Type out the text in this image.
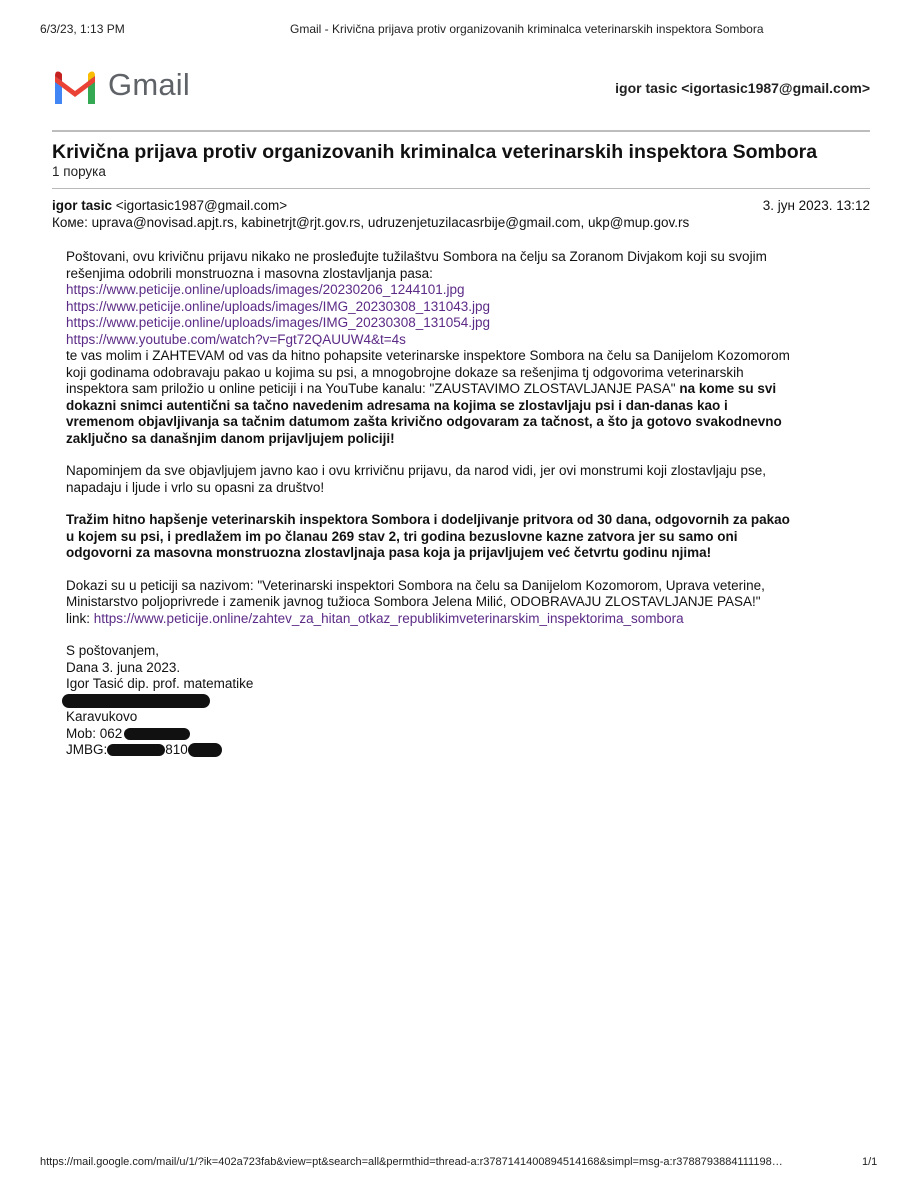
6/3/23, 1:13 PM	Gmail - Krivična prijava protiv organizovanih kriminalca veterinarskih inspektora Sombora
Gmail	igor tasic <igortasic1987@gmail.com>
Krivična prijava protiv organizovanih kriminalca veterinarskih inspektora Sombora
1 порука
igor tasic <igortasic1987@gmail.com>	3. јун 2023. 13:12
Коме: uprava@novisad.apjt.rs, kabinetrjt@rjt.gov.rs, udruzenjetuzilacasrbije@gmail.com, ukp@mup.gov.rs

Poštovani, ovu krivičnu prijavu nikako ne prosleđujte tužilaštvu Sombora na čelju sa Zoranom Divjakom koji su svojim
rešenjima odobrili monstruozna i masovna zlostavljanja pasa:
https://www.peticije.online/uploads/images/20230206_1244101.jpg
https://www.peticije.online/uploads/images/IMG_20230308_131043.jpg
https://www.peticije.online/uploads/images/IMG_20230308_131054.jpg
https://www.youtube.com/watch?v=Fgt72QAUUW4&t=4s
te vas molim i ZAHTEVAM od vas da hitno pohapsite veterinarske inspektore Sombora na čelu sa Danijelom Kozomorom
koji godinama odobravaju pakao u kojima su psi, a mnogobrojne dokaze sa rešenjima tj odgovorima veterinarskih
inspektora sam priložio u online peticiji i na YouTube kanalu: "ZAUSTAVIMO ZLOSTAVLJANJE PASA" na kome su svi
dokazni snimci autentični sa tačno navedenim adresama na kojima se zlostavljaju psi i dan-danas kao i
vremenom objavljivanja sa tačnim datumom zašta krivično odgovaram za tačnost, a što ja gotovo svakodnevno
zaključno sa današnjim danom prijavljujem policiji!

Napominjem da sve objavljujem javno kao i ovu krrivičnu prijavu, da narod vidi, jer ovi monstrumi koji zlostavljaju pse,
napadaju i ljude i vrlo su opasni za društvo!

Tražim hitno hapšenje veterinarskih inspektora Sombora i dodeljivanje pritvora od 30 dana, odgovornih za pakao
u kojem su psi, i predlažem im po članau 269 stav 2, tri godina bezuslovne kazne zatvora jer su samo oni
odgovorni za masovna monstruozna zlostavljnaja pasa koja ja prijavljujem već četvrtu godinu njima!

Dokazi su u peticiji sa nazivom: "Veterinarski inspektori Sombora na čelu sa Danijelom Kozomorom, Uprava veterine,
Ministarstvo poljoprivrede i zamenik javnog tužioca Sombora Jelena Milić, ODOBRAVAJU ZLOSTAVLJANJE PASA!"
link: https://www.peticije.online/zahtev_za_hitan_otkaz_republikimveterinarskim_inspektorima_sombora

S poštovanjem,
Dana 3. juna 2023.
Igor Tasić dip. prof. matematike
Karavukovo
Mob: 062
JMBG:	810
https://mail.google.com/mail/u/1/?ik=402a723fab&view=pt&search=all&permthid=thread-a:r3787141400894514168&simpl=msg-a:r3788793884111198…	1/1
